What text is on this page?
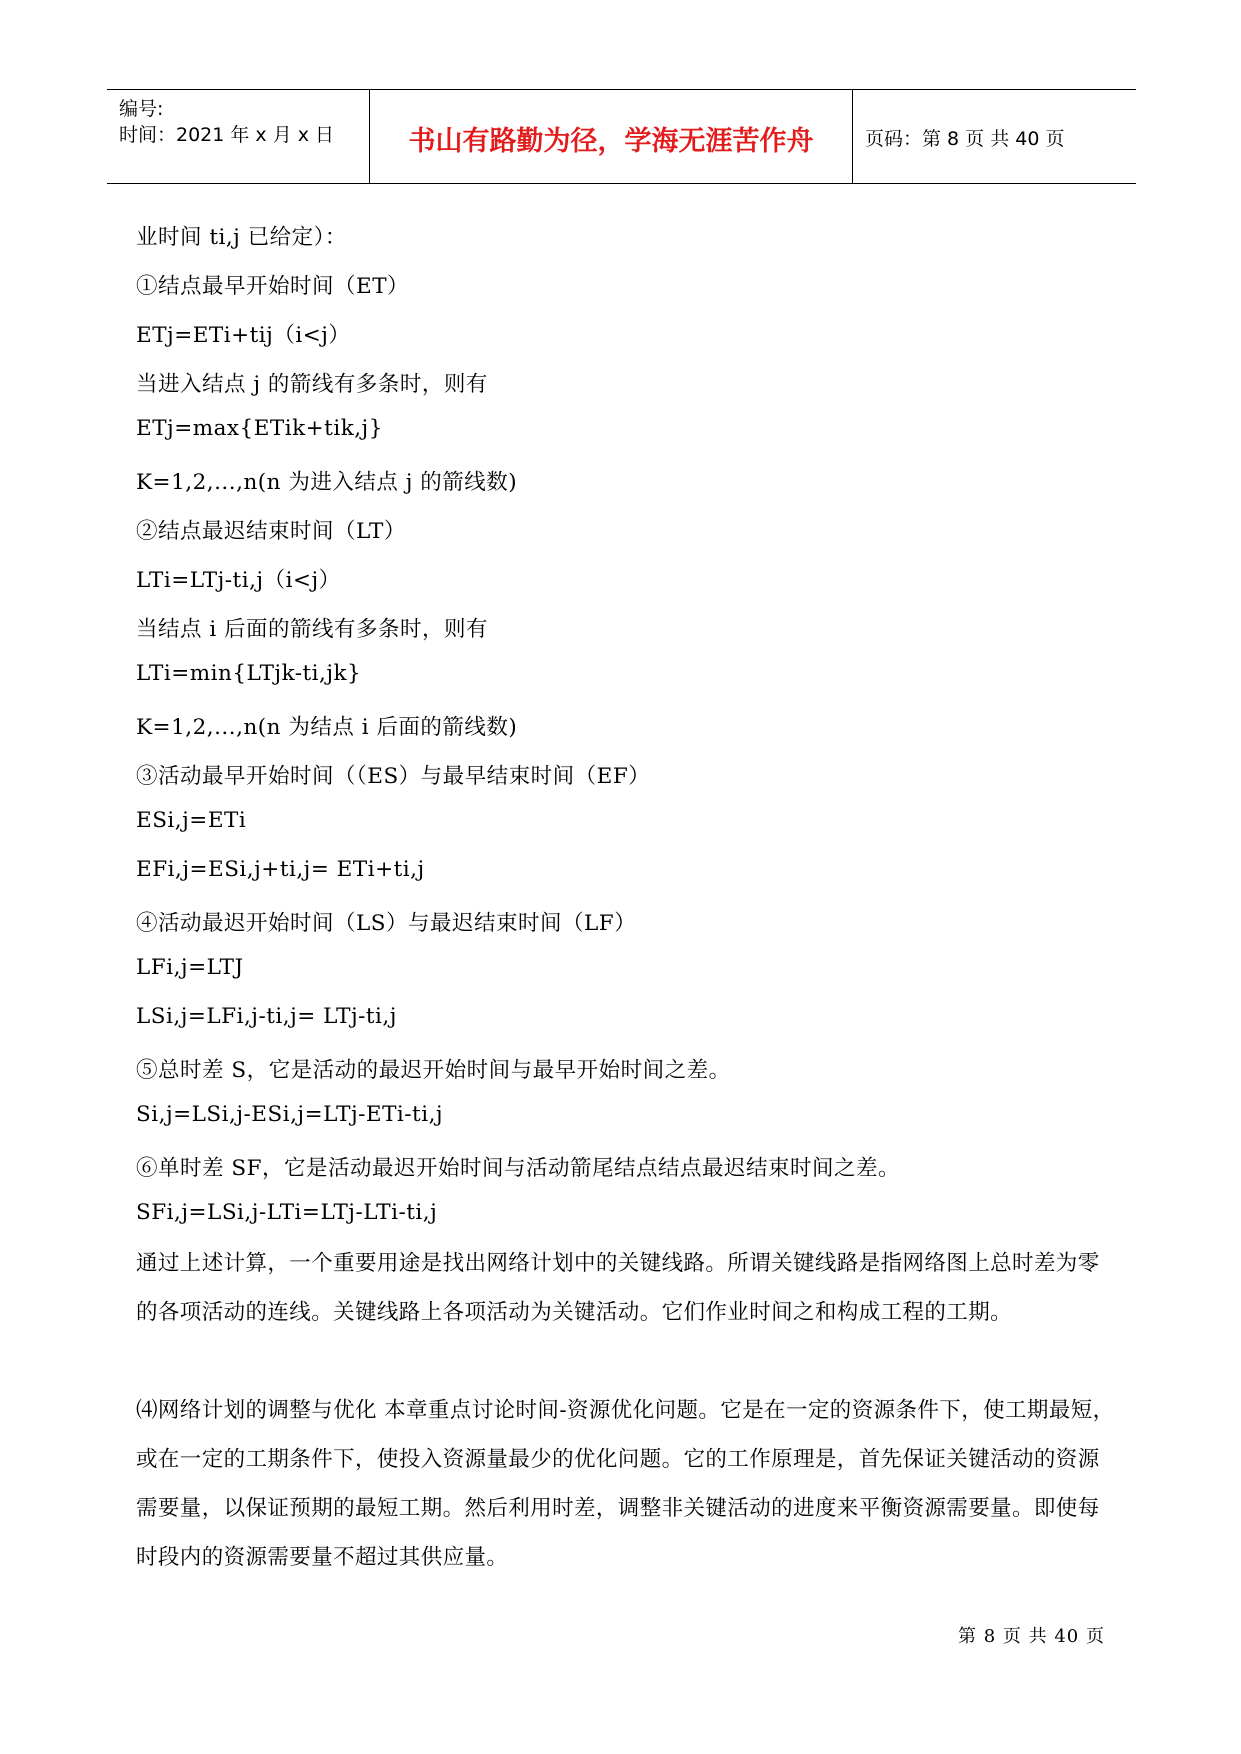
编号:
时间：2021 年 x 月 x 日	书山有路勤为径，学海无涯苦作舟	页码：第 8 页 共 40 页
业时间 ti,j 已给定）：
①结点最早开始时间（ET）
ETj=ETi+tij（i<j）
当进入结点 j 的箭线有多条时，则有
ETj=max{ETik+tik,j}
K=1,2,...,n(n 为进入结点 j 的箭线数)
②结点最迟结束时间（LT）
LTi=LTj-ti,j（i<j）
当结点 i 后面的箭线有多条时，则有
LTi=min{LTjk-ti,jk}
K=1,2,...,n(n 为结点 i 后面的箭线数)
③活动最早开始时间（（ES）与最早结束时间（EF）
ESi,j=ETi
EFi,j=ESi,j+ti,j= ETi+ti,j
④活动最迟开始时间（LS）与最迟结束时间（LF）
LFi,j=LTJ
LSi,j=LFi,j-ti,j= LTj-ti,j
⑤总时差 S，它是活动的最迟开始时间与最早开始时间之差。
Si,j=LSi,j-ESi,j=LTj-ETi-ti,j
⑥单时差 SF，它是活动最迟开始时间与活动箭尾结点结点最迟结束时间之差。
SFi,j=LSi,j-LTi=LTj-LTi-ti,j
通过上述计算，一个重要用途是找出网络计划中的关键线路。所谓关键线路是指网络图上总时差为零的各项活动的连线。关键线路上各项活动为关键活动。它们作业时间之和构成工程的工期。
⑷网络计划的调整与优化 本章重点讨论时间-资源优化问题。它是在一定的资源条件下，使工期最短，或在一定的工期条件下，使投入资源量最少的优化问题。它的工作原理是，首先保证关键活动的资源需要量，以保证预期的最短工期。然后利用时差，调整非关键活动的进度来平衡资源需要量。即使每时段内的资源需要量不超过其供应量。
第 8 页 共 40 页
